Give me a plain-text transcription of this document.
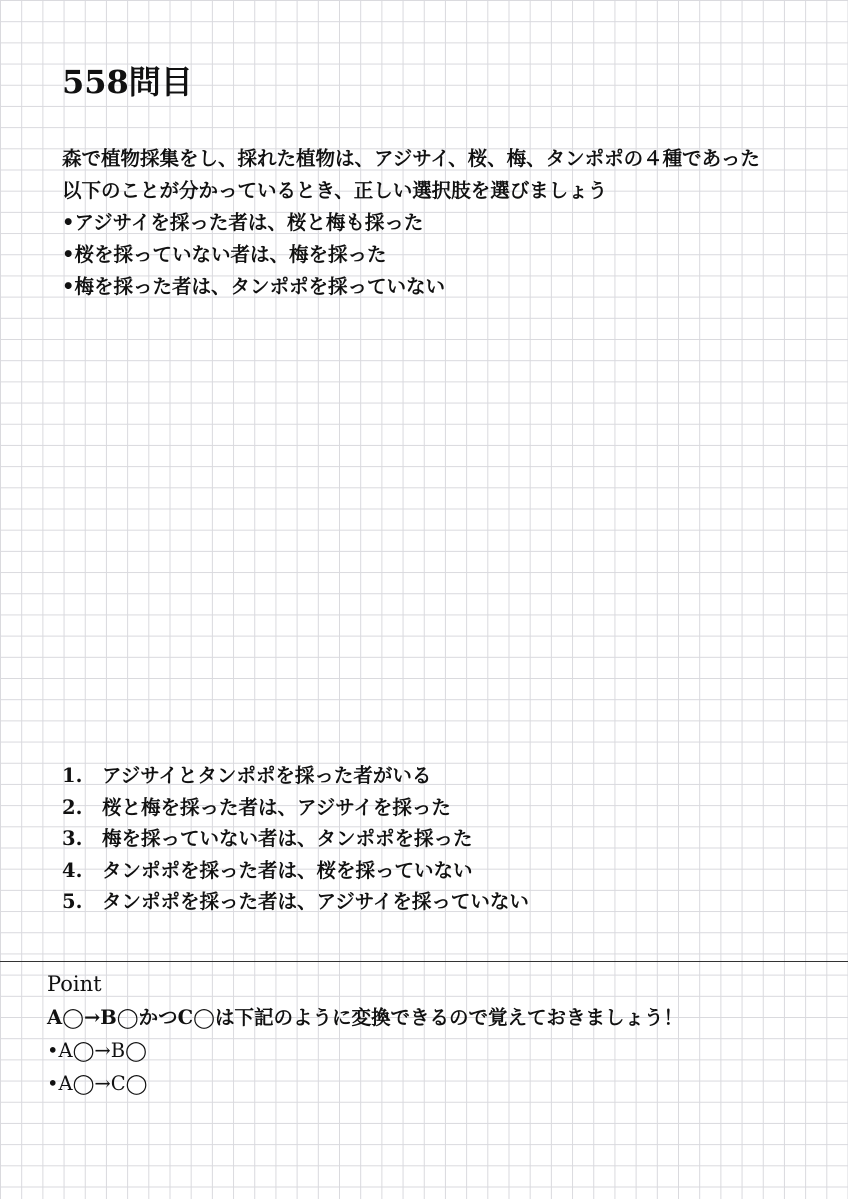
558問目
森で植物採集をし、採れた植物は、アジサイ、桜、梅、タンポポの４種であった
以下のことが分かっているとき、正しい選択肢を選びましょう
•アジサイを採った者は、桜と梅も採った
•桜を採っていない者は、梅を採った
•梅を採った者は、タンポポを採っていない
1. アジサイとタンポポを採った者がいる
2. 桜と梅を採った者は、アジサイを採った
3. 梅を採っていない者は、タンポポを採った
4. タンポポを採った者は、桜を採っていない
5. タンポポを採った者は、アジサイを採っていない
Point
A◯→B◯かつC◯は下記のように変換できるので覚えておきましょう！
•A◯→B◯
•A◯→C◯
